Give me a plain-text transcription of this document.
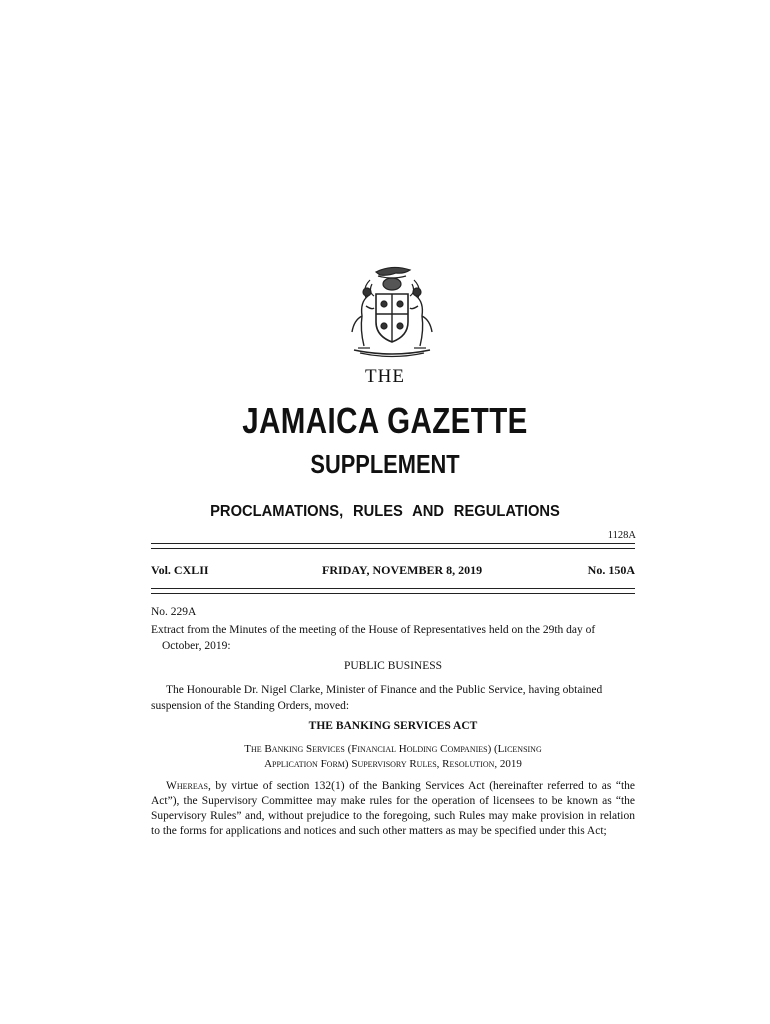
THE
JAMAICA GAZETTE
SUPPLEMENT
PROCLAMATIONS, RULES AND REGULATIONS
1128A
Vol. CXLII	FRIDAY, NOVEMBER 8, 2019	No. 150A
No. 229A
Extract from the Minutes of the meeting of the House of Representatives held on the 29th day of October, 2019:
PUBLIC BUSINESS
The Honourable Dr. Nigel Clarke, Minister of Finance and the Public Service, having obtained suspension of the Standing Orders, moved:
THE BANKING SERVICES ACT
The Banking Services (Financial Holding Companies) (Licensing
Application Form) Supervisory Rules, Resolution, 2019
Whereas, by virtue of section 132(1) of the Banking Services Act (hereinafter referred to as “the Act”), the Supervisory Committee may make rules for the operation of licensees to be known as “the Supervisory Rules” and, without prejudice to the foregoing, such Rules may make provision in relation to the forms for applications and notices and such other matters as may be specified under this Act;
